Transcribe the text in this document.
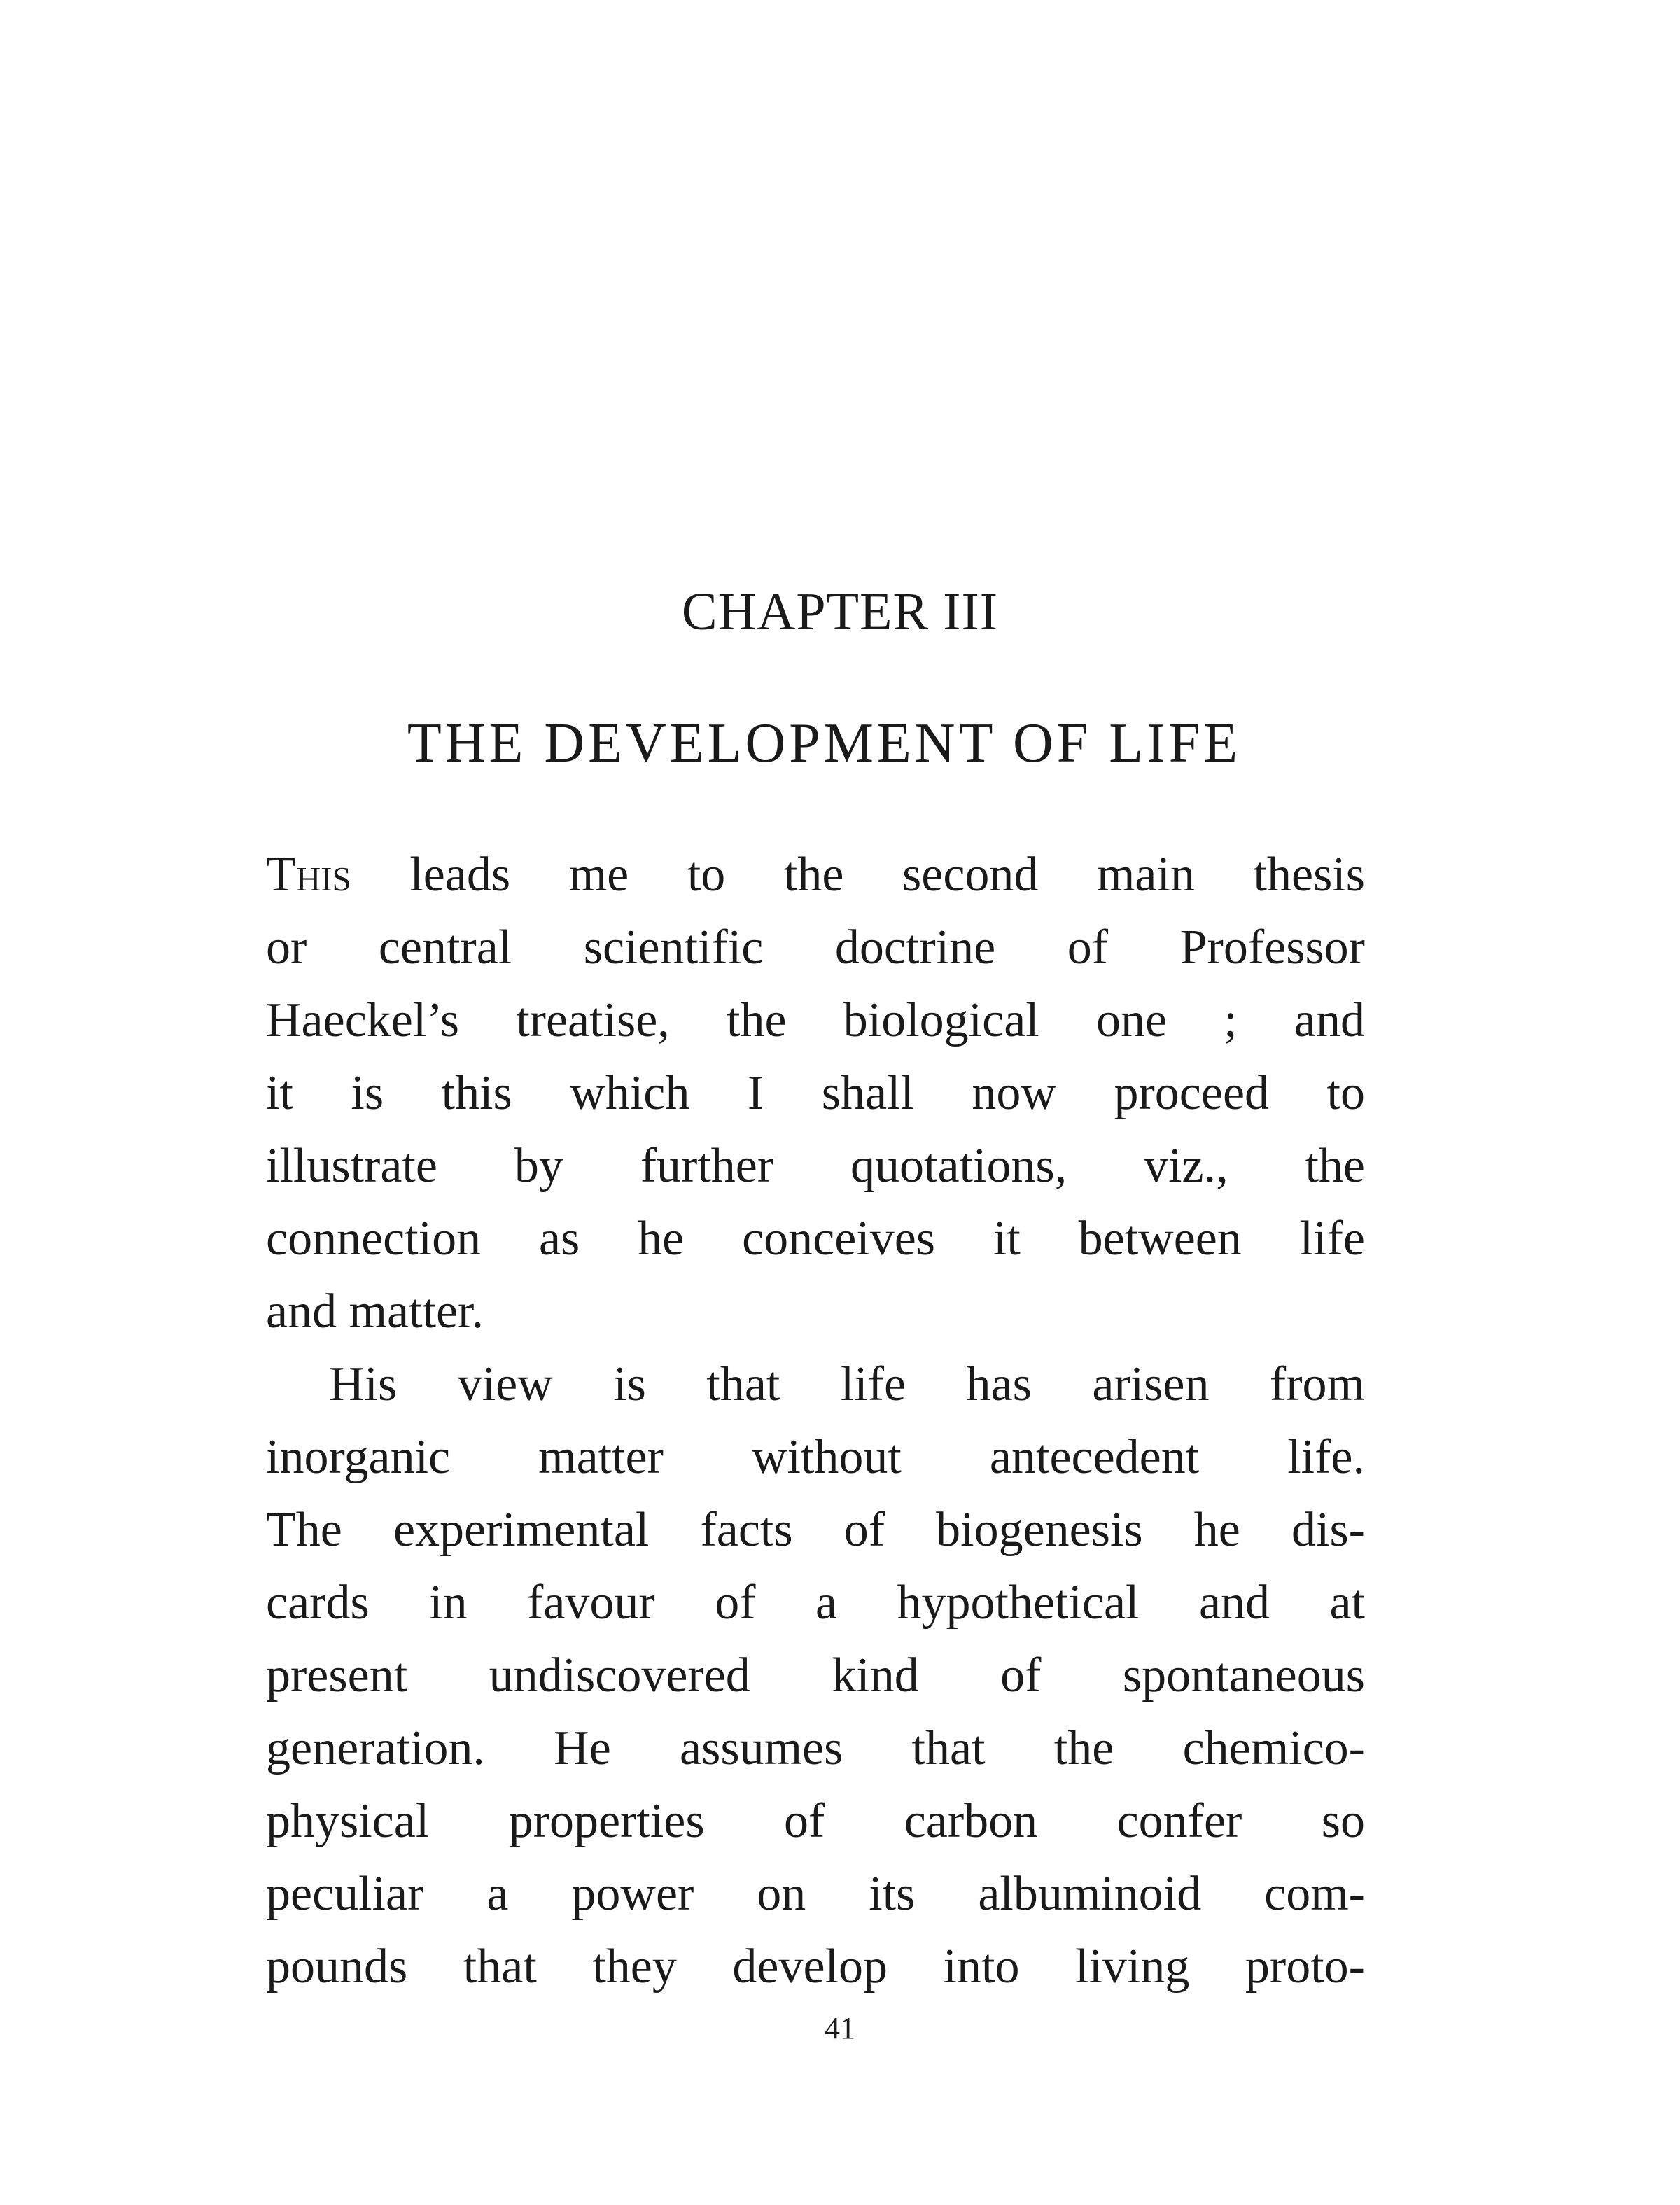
CHAPTER III
THE DEVELOPMENT OF LIFE
This leads me to the second main thesis
or central scientific doctrine of Professor
Haeckel’s treatise, the biological one ; and
it is this which I shall now proceed to
illustrate by further quotations, viz., the
connection as he conceives it between life
and matter.
His view is that life has arisen from
inorganic matter without antecedent life.
The experimental facts of biogenesis he dis-
cards in favour of a hypothetical and at
present undiscovered kind of spontaneous
generation. He assumes that the chemico-
physical properties of carbon confer so
peculiar a power on its albuminoid com-
pounds that they develop into living proto-
41
